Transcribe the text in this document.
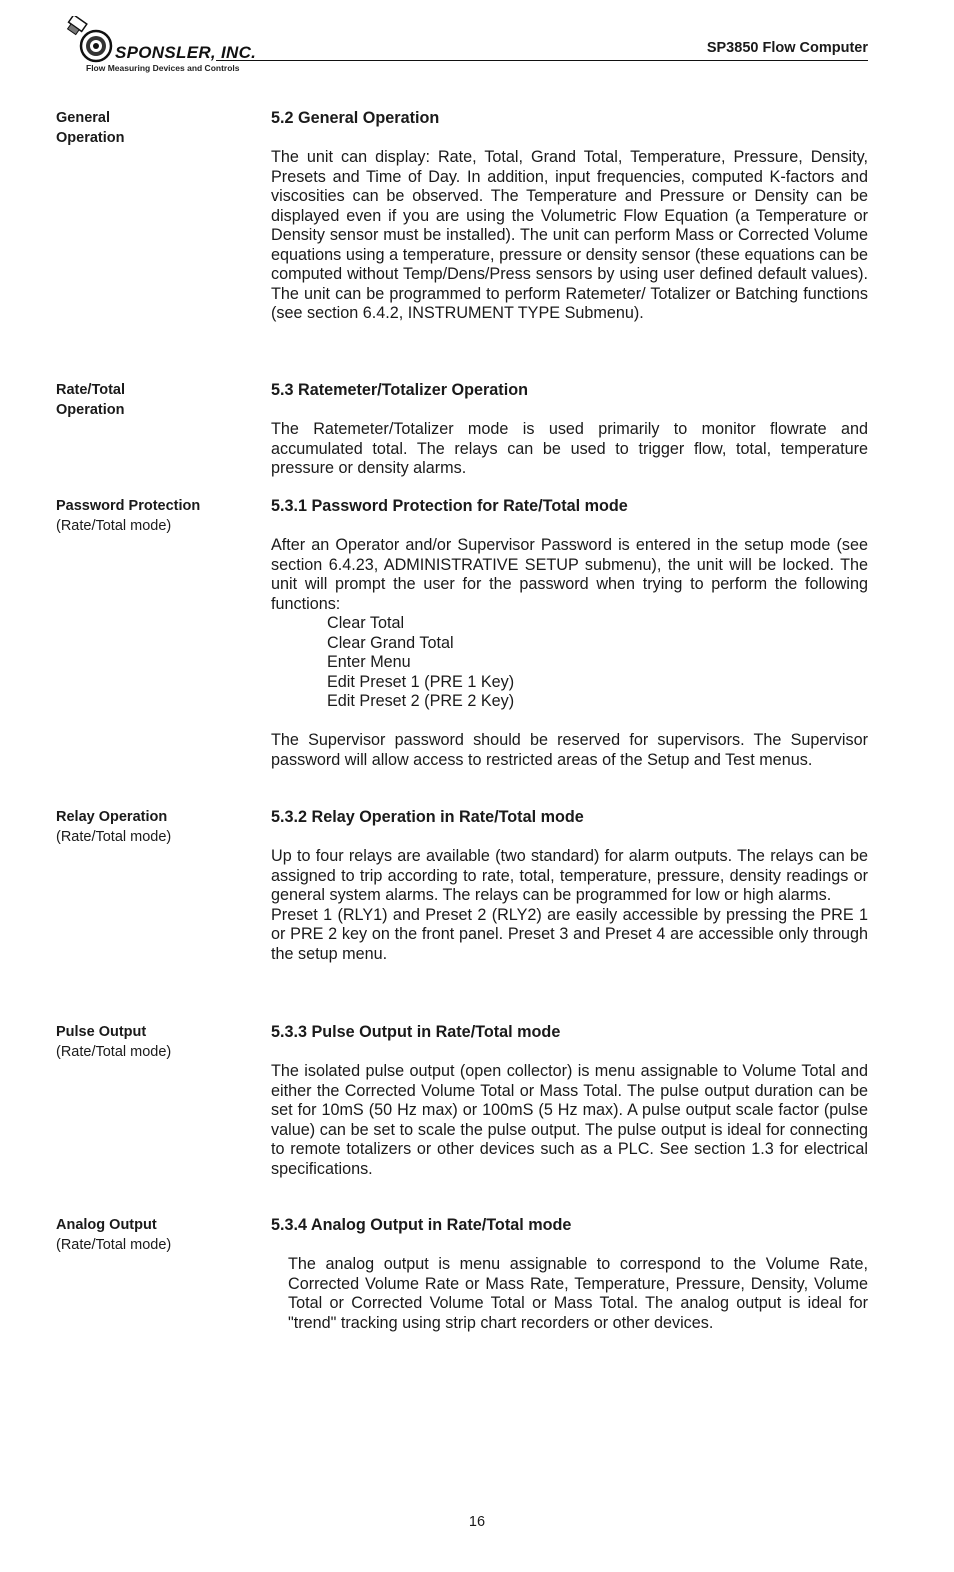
SPONSLER, INC.
Flow Measuring Devices and Controls
SP3850 Flow Computer
General
Operation
5.2 General Operation

The unit can display: Rate, Total, Grand Total, Temperature, Pressure, Density, Presets and Time of Day. In addition, input frequencies, computed K-factors and viscosities can be observed. The Temperature and Pressure or Density can be displayed even if you are using the Volumetric Flow Equation (a Temperature or Density sensor must be installed). The unit can perform Mass or Corrected Volume equations using a temperature, pressure or density sensor (these equations can be computed without Temp/Dens/Press sensors by using user defined default values). The unit can be programmed to perform Ratemeter/ Totalizer or Batching functions (see section 6.4.2, INSTRUMENT TYPE Submenu).

Rate/Total
Operation
5.3 Ratemeter/Totalizer Operation

The Ratemeter/Totalizer mode is used primarily to monitor flowrate and accumulated total. The relays can be used to trigger flow, total, temperature pressure or density alarms.

Password Protection
(Rate/Total mode)
5.3.1 Password Protection for Rate/Total mode

After an Operator and/or Supervisor Password is entered in the setup mode (see section 6.4.23, ADMINISTRATIVE SETUP submenu), the unit will be locked. The unit will prompt the user for the password when trying to perform the following functions:

Clear Total
Clear Grand Total
Enter Menu
Edit Preset 1 (PRE 1 Key)
Edit Preset 2 (PRE 2 Key)

The Supervisor password should be reserved for supervisors. The Supervisor password will allow access to restricted areas of the Setup and Test menus.

Relay Operation
(Rate/Total mode)
5.3.2 Relay Operation in Rate/Total mode

Up to four relays are available (two standard) for alarm outputs. The relays can be assigned to trip according to rate, total, temperature, pressure, density readings or general system alarms. The relays can be programmed for low or high alarms.

Preset 1 (RLY1) and Preset 2 (RLY2) are easily accessible by pressing the PRE 1 or PRE 2 key on the front panel. Preset 3 and Preset 4 are accessible only through the setup menu.

Pulse Output
(Rate/Total mode)
5.3.3 Pulse Output in Rate/Total mode

The isolated pulse output (open collector) is menu assignable to Volume Total and either the Corrected Volume Total or Mass Total. The pulse output duration can be set for 10mS (50 Hz max) or 100mS (5 Hz max). A pulse output scale factor (pulse value) can be set to scale the pulse output. The pulse output is ideal for connecting to remote totalizers or other devices such as a PLC. See section 1.3 for electrical specifications.

Analog Output
(Rate/Total mode)
5.3.4 Analog Output in Rate/Total mode

The analog output is menu assignable to correspond to the Volume Rate, Corrected Volume Rate or Mass Rate, Temperature, Pressure, Density, Volume Total or Corrected Volume Total or Mass Total. The analog output is ideal for "trend" tracking using strip chart recorders or other devices.

16
